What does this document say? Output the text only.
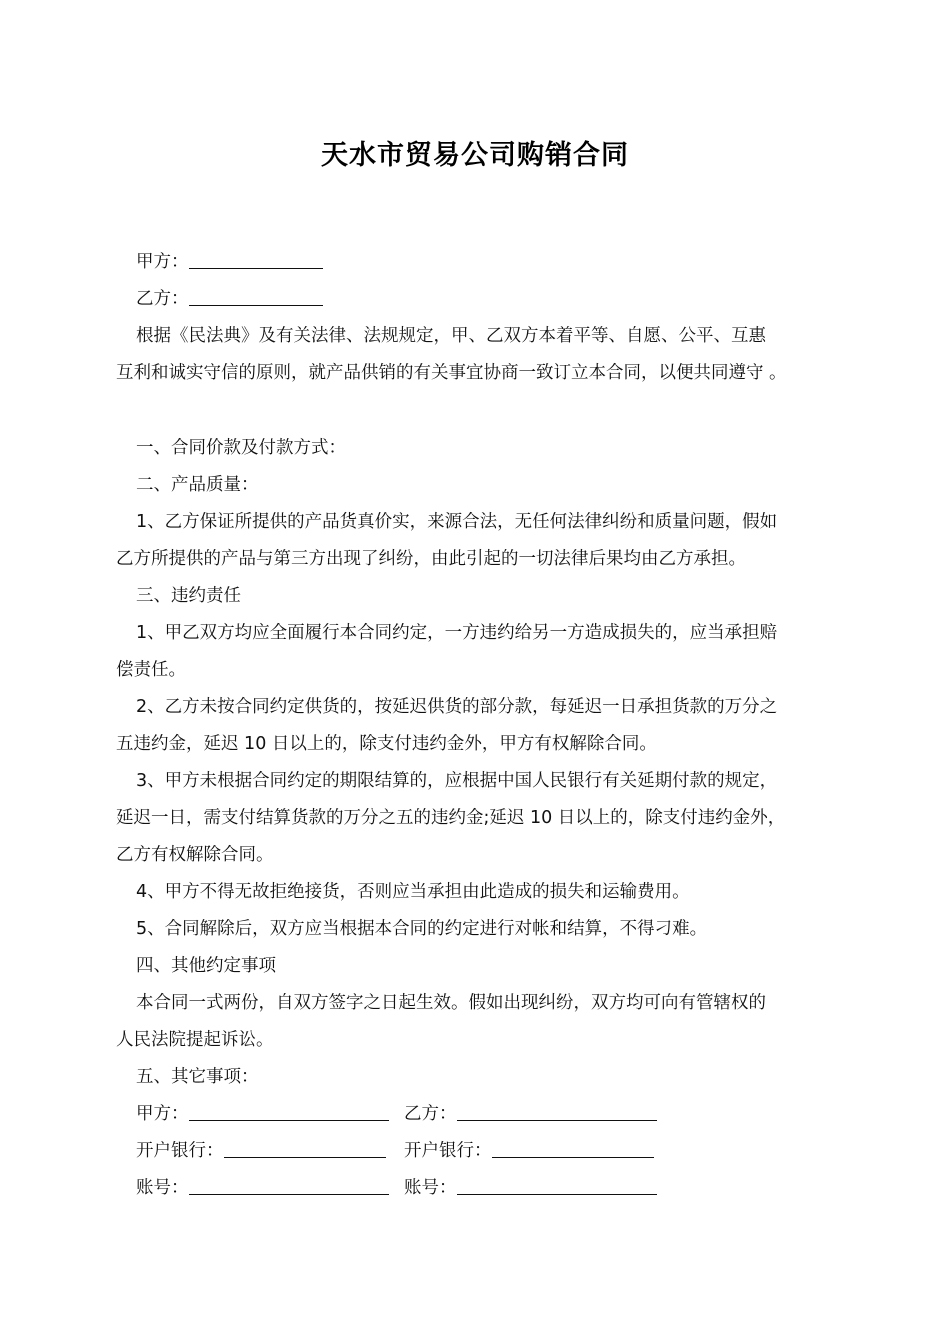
天水市贸易公司购销合同
甲方：
乙方：
根据《民法典》及有关法律、法规规定，甲、乙双方本着平等、自愿、公平、互惠
互利和诚实守信的原则，就产品供销的有关事宜协商一致订立本合同，以便共同遵守 。
一、合同价款及付款方式：
二、产品质量：
1、乙方保证所提供的产品货真价实，来源合法，无任何法律纠纷和质量问题，假如
乙方所提供的产品与第三方出现了纠纷，由此引起的一切法律后果均由乙方承担。
三、违约责任
1、甲乙双方均应全面履行本合同约定，一方违约给另一方造成损失的，应当承担赔
偿责任。
2、乙方未按合同约定供货的，按延迟供货的部分款，每延迟一日承担货款的万分之
五违约金，延迟 10 日以上的，除支付违约金外，甲方有权解除合同。
3、甲方未根据合同约定的期限结算的，应根据中国人民银行有关延期付款的规定，
延迟一日，需支付结算货款的万分之五的违约金;延迟 10 日以上的，除支付违约金外，
乙方有权解除合同。
4、甲方不得无故拒绝接货，否则应当承担由此造成的损失和运输费用。
5、合同解除后，双方应当根据本合同的约定进行对帐和结算，不得刁难。
四、其他约定事项
本合同一式两份，自双方签字之日起生效。假如出现纠纷，双方均可向有管辖权的
人民法院提起诉讼。
五、其它事项：
甲方：	乙方：
开户银行：	开户银行：
账号：	账号：
